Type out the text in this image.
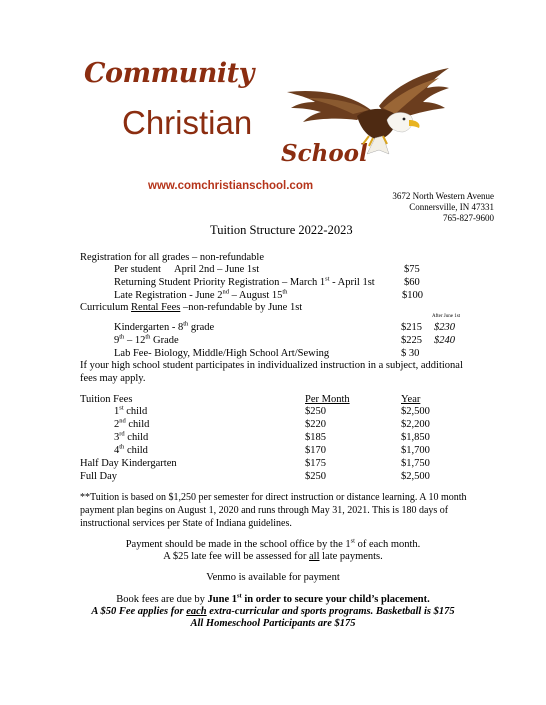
Community
Christian
School
www.comchristianschool.com
3672 North Western Avenue
Connersville, IN 47331
765-827-9600
Tuition Structure 2022-2023
Registration for all grades – non-refundable
Per student April 2nd – June 1st	$75
Returning Student Priority Registration – March 1st - April 1st	$60
Late Registration - June 2nd – August 15th	$100
Curriculum Rental Fees –non-refundable by June 1st
After June 1st
Kindergarten - 8th grade	$215 $230
9th – 12th Grade	$225 $240
Lab Fee- Biology, Middle/High School Art/Sewing	$ 30
If your high school student participates in individualized instruction in a subject, additional
fees may apply.
Tuition Fees	Per Month	Year
1st child	$250	$2,500
2nd child	$220	$2,200
3rd child	$185	$1,850
4th child	$170	$1,700
Half Day Kindergarten	$175	$1,750
Full Day	$250	$2,500
**Tuition is based on $1,250 per semester for direct instruction or distance learning. A 10 month
payment plan begins on August 1, 2020 and runs through May 31, 2021. This is 180 days of
instructional services per State of Indiana guidelines.
Payment should be made in the school office by the 1st of each month.
A $25 late fee will be assessed for all late payments.
Venmo is available for payment
Book fees are due by June 1st in order to secure your child’s placement.
A $50 Fee applies for each extra-curricular and sports programs. Basketball is $175
All Homeschool Participants are $175
